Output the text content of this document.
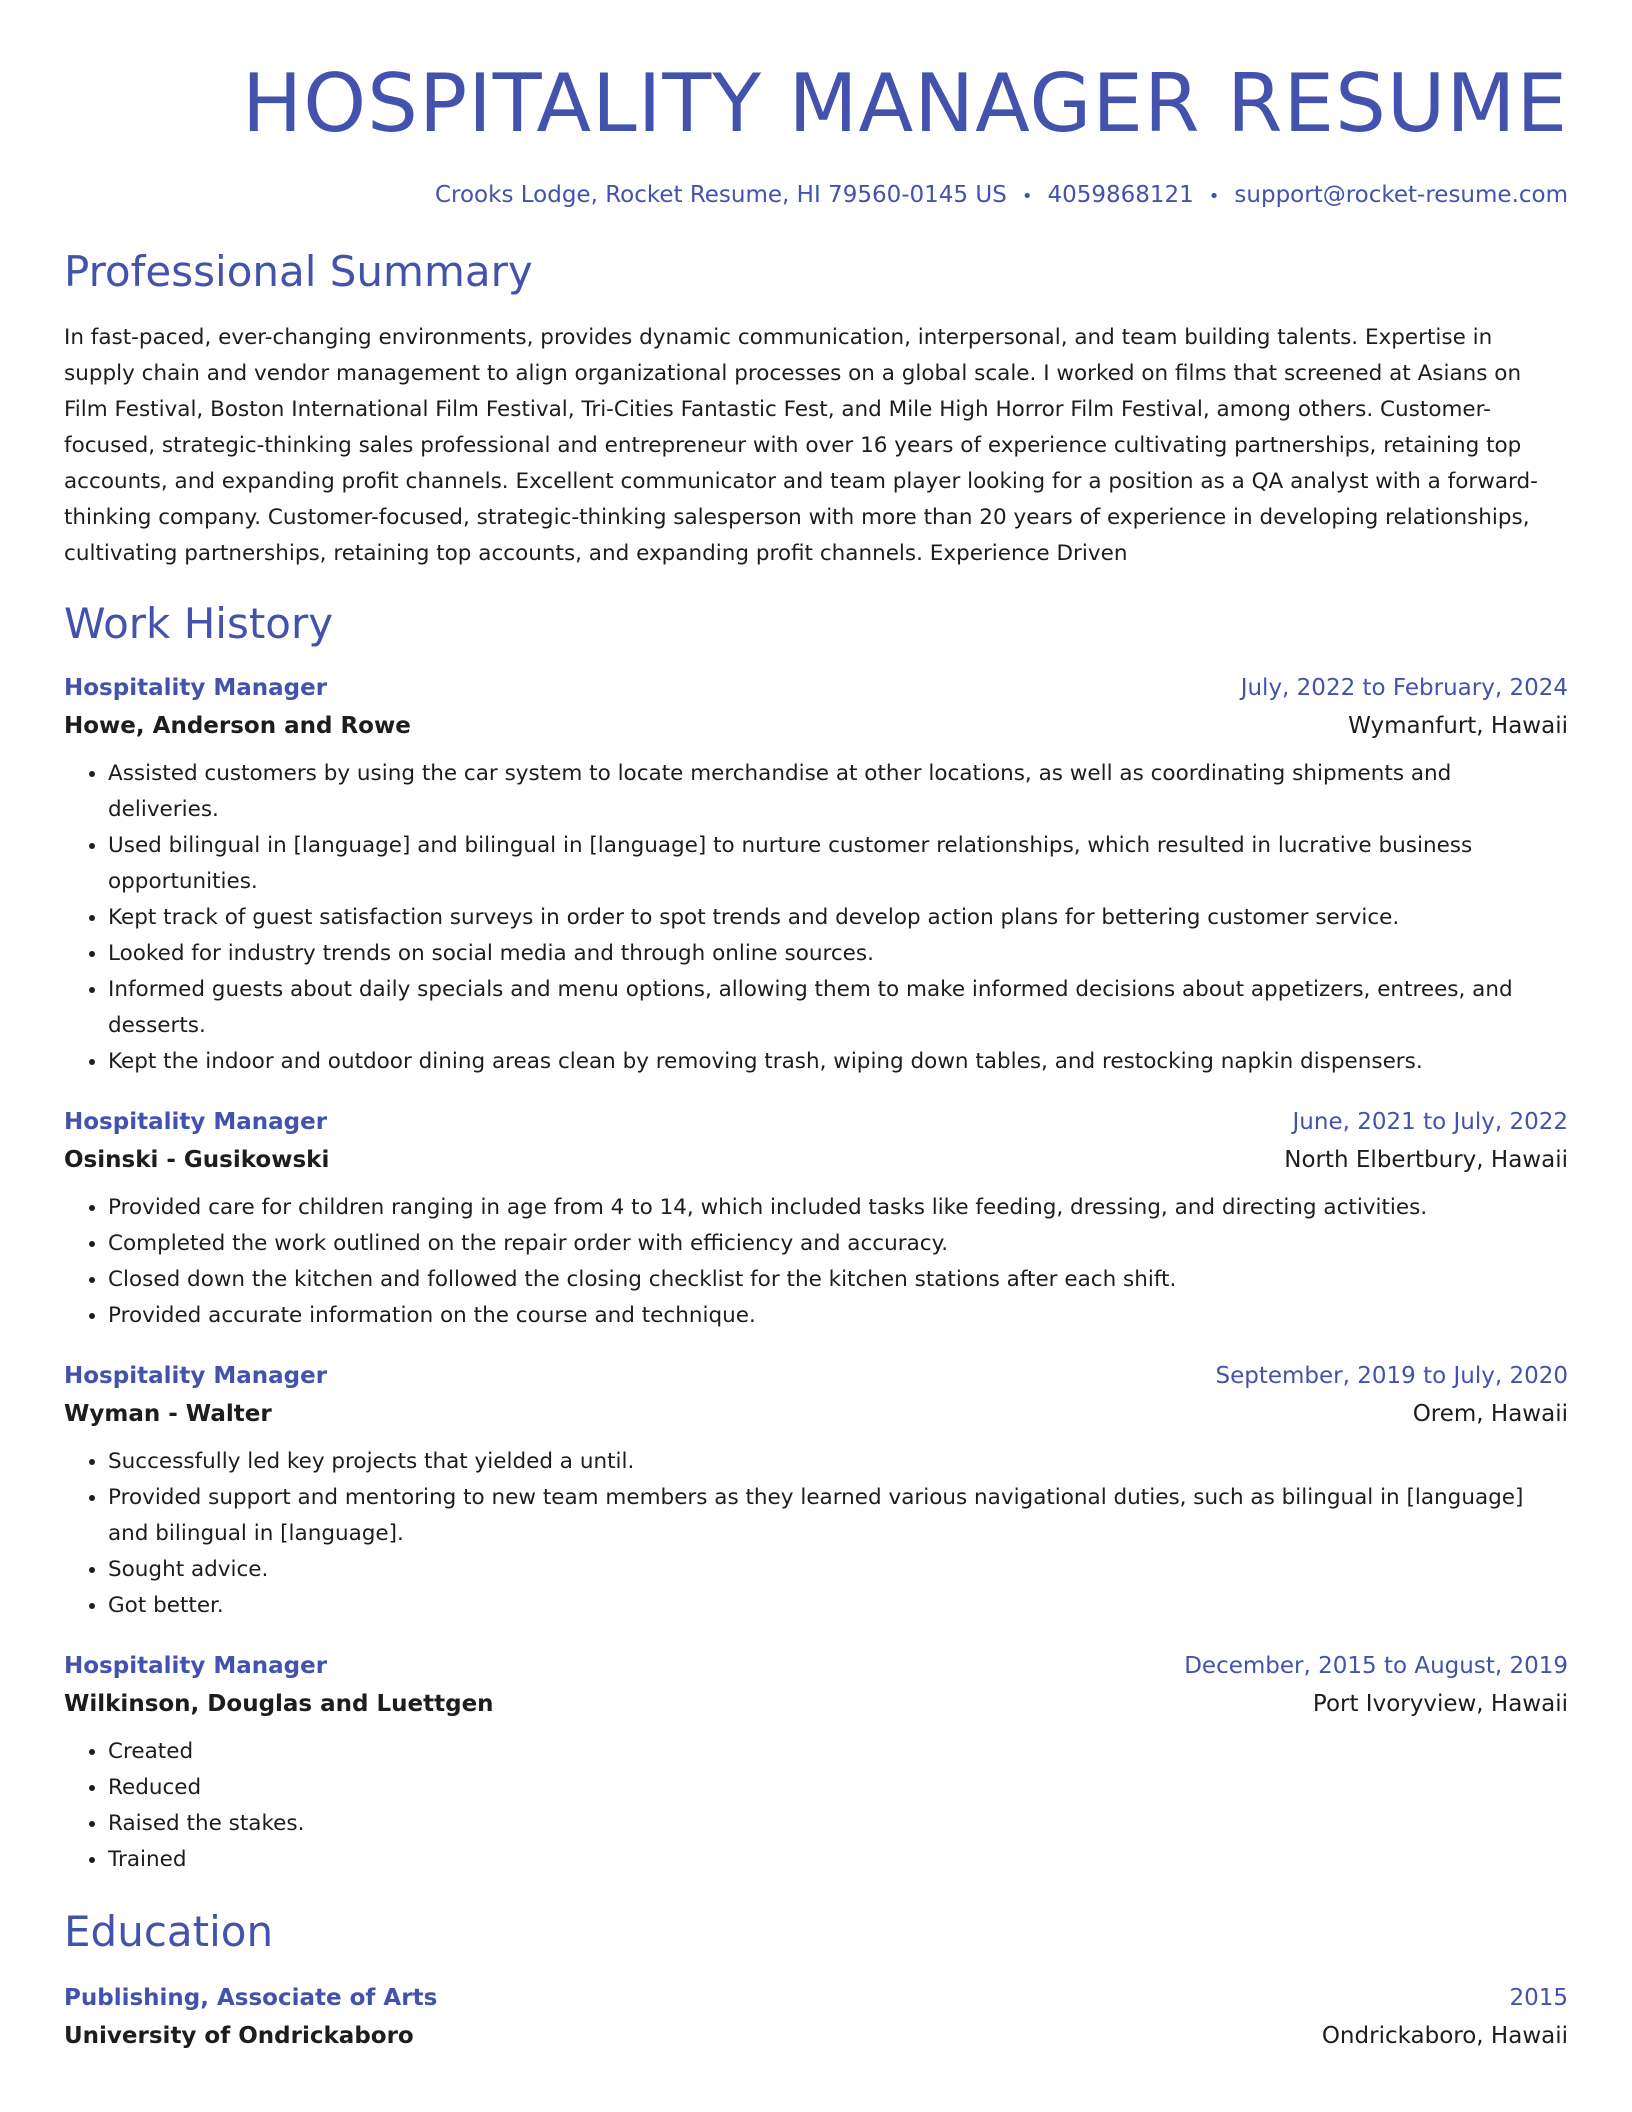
HOSPITALITY MANAGER RESUME
Crooks Lodge, Rocket Resume, HI 79560-0145 US • 4059868121 • support@rocket-resume.com
Professional Summary

In fast-paced, ever-changing environments, provides dynamic communication, interpersonal, and team building talents. Expertise in supply chain and vendor management to align organizational processes on a global scale. I worked on films that screened at Asians on Film Festival, Boston International Film Festival, Tri-Cities Fantastic Fest, and Mile High Horror Film Festival, among others. Customer-focused, strategic-thinking sales professional and entrepreneur with over 16 years of experience cultivating partnerships, retaining top accounts, and expanding profit channels. Excellent communicator and team player looking for a position as a QA analyst with a forward-thinking company. Customer-focused, strategic-thinking salesperson with more than 20 years of experience in developing relationships, cultivating partnerships, retaining top accounts, and expanding profit channels. Experience Driven

Work History
Hospitality Manager	July, 2022 to February, 2024
Howe, Anderson and Rowe	Wymanfurt, Hawaii
• Assisted customers by using the car system to locate merchandise at other locations, as well as coordinating shipments and deliveries.
• Used bilingual in [language] and bilingual in [language] to nurture customer relationships, which resulted in lucrative business opportunities.
• Kept track of guest satisfaction surveys in order to spot trends and develop action plans for bettering customer service.
• Looked for industry trends on social media and through online sources.
• Informed guests about daily specials and menu options, allowing them to make informed decisions about appetizers, entrees, and desserts.
• Kept the indoor and outdoor dining areas clean by removing trash, wiping down tables, and restocking napkin dispensers.
Hospitality Manager	June, 2021 to July, 2022
Osinski - Gusikowski	North Elbertbury, Hawaii
• Provided care for children ranging in age from 4 to 14, which included tasks like feeding, dressing, and directing activities.
• Completed the work outlined on the repair order with efficiency and accuracy.
• Closed down the kitchen and followed the closing checklist for the kitchen stations after each shift.
• Provided accurate information on the course and technique.
Hospitality Manager	September, 2019 to July, 2020
Wyman - Walter	Orem, Hawaii
• Successfully led key projects that yielded a until.
• Provided support and mentoring to new team members as they learned various navigational duties, such as bilingual in [language] and bilingual in [language].
• Sought advice.
• Got better.
Hospitality Manager	December, 2015 to August, 2019
Wilkinson, Douglas and Luettgen	Port Ivoryview, Hawaii
• Created
• Reduced
• Raised the stakes.
• Trained
Education
Publishing, Associate of Arts	2015
University of Ondrickaboro	Ondrickaboro, Hawaii
